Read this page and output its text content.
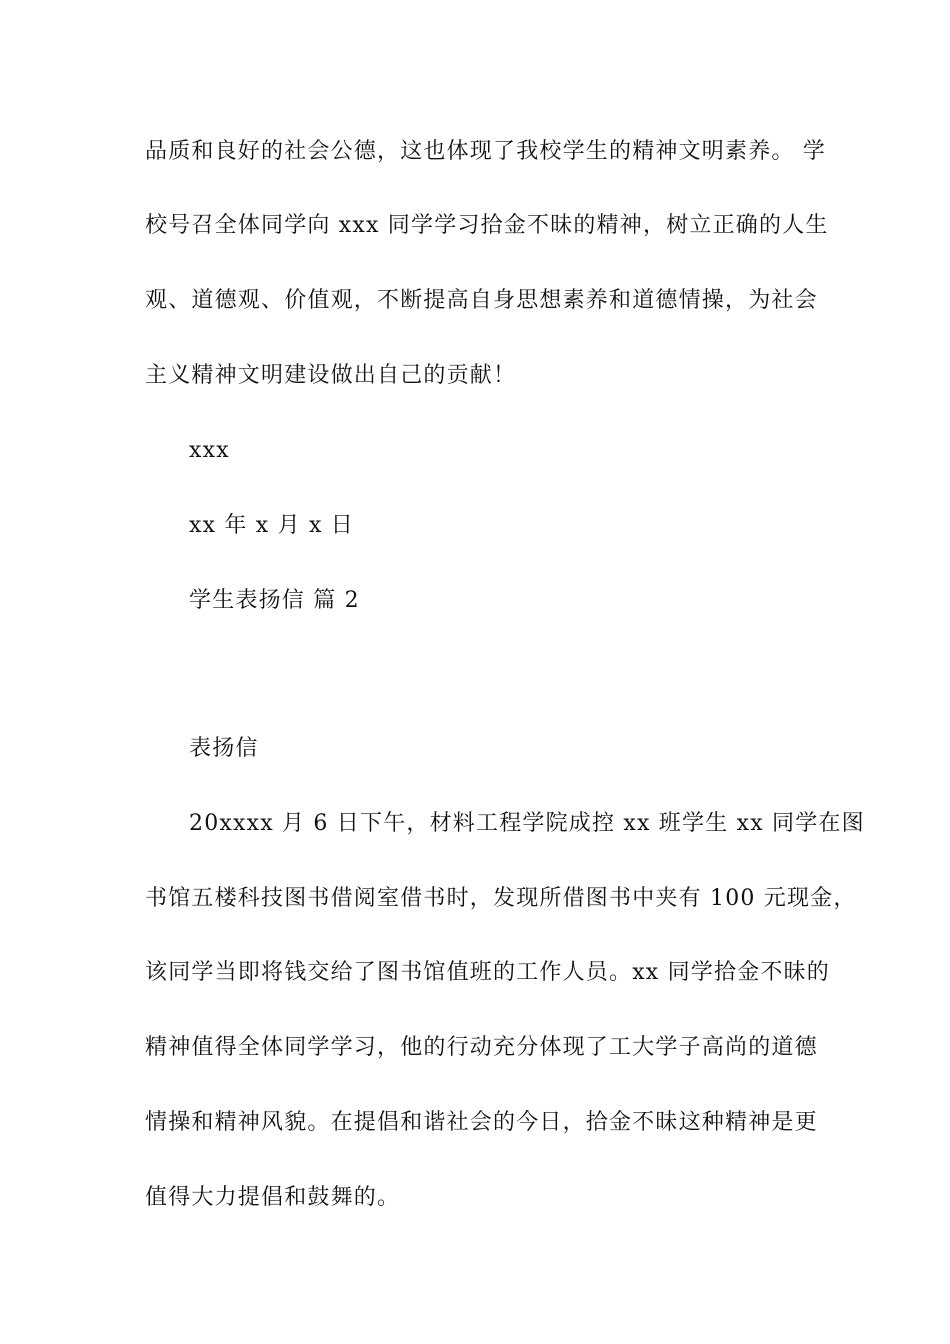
品质和良好的社会公德，这也体现了我校学生的精神文明素养。 学
校号召全体同学向 xxx 同学学习拾金不昧的精神，树立正确的人生
观、道德观、价值观，不断提高自身思想素养和道德情操，为社会
主义精神文明建设做出自己的贡献！
xxx
xx 年 x 月 x 日
学生表扬信 篇 2
表扬信
20xxxx 月 6 日下午，材料工程学院成控 xx 班学生 xx 同学在图
书馆五楼科技图书借阅室借书时，发现所借图书中夹有 100 元现金，
该同学当即将钱交给了图书馆值班的工作人员。xx 同学拾金不昧的
精神值得全体同学学习，他的行动充分体现了工大学子高尚的道德
情操和精神风貌。在提倡和谐社会的今日，拾金不昧这种精神是更
值得大力提倡和鼓舞的。
